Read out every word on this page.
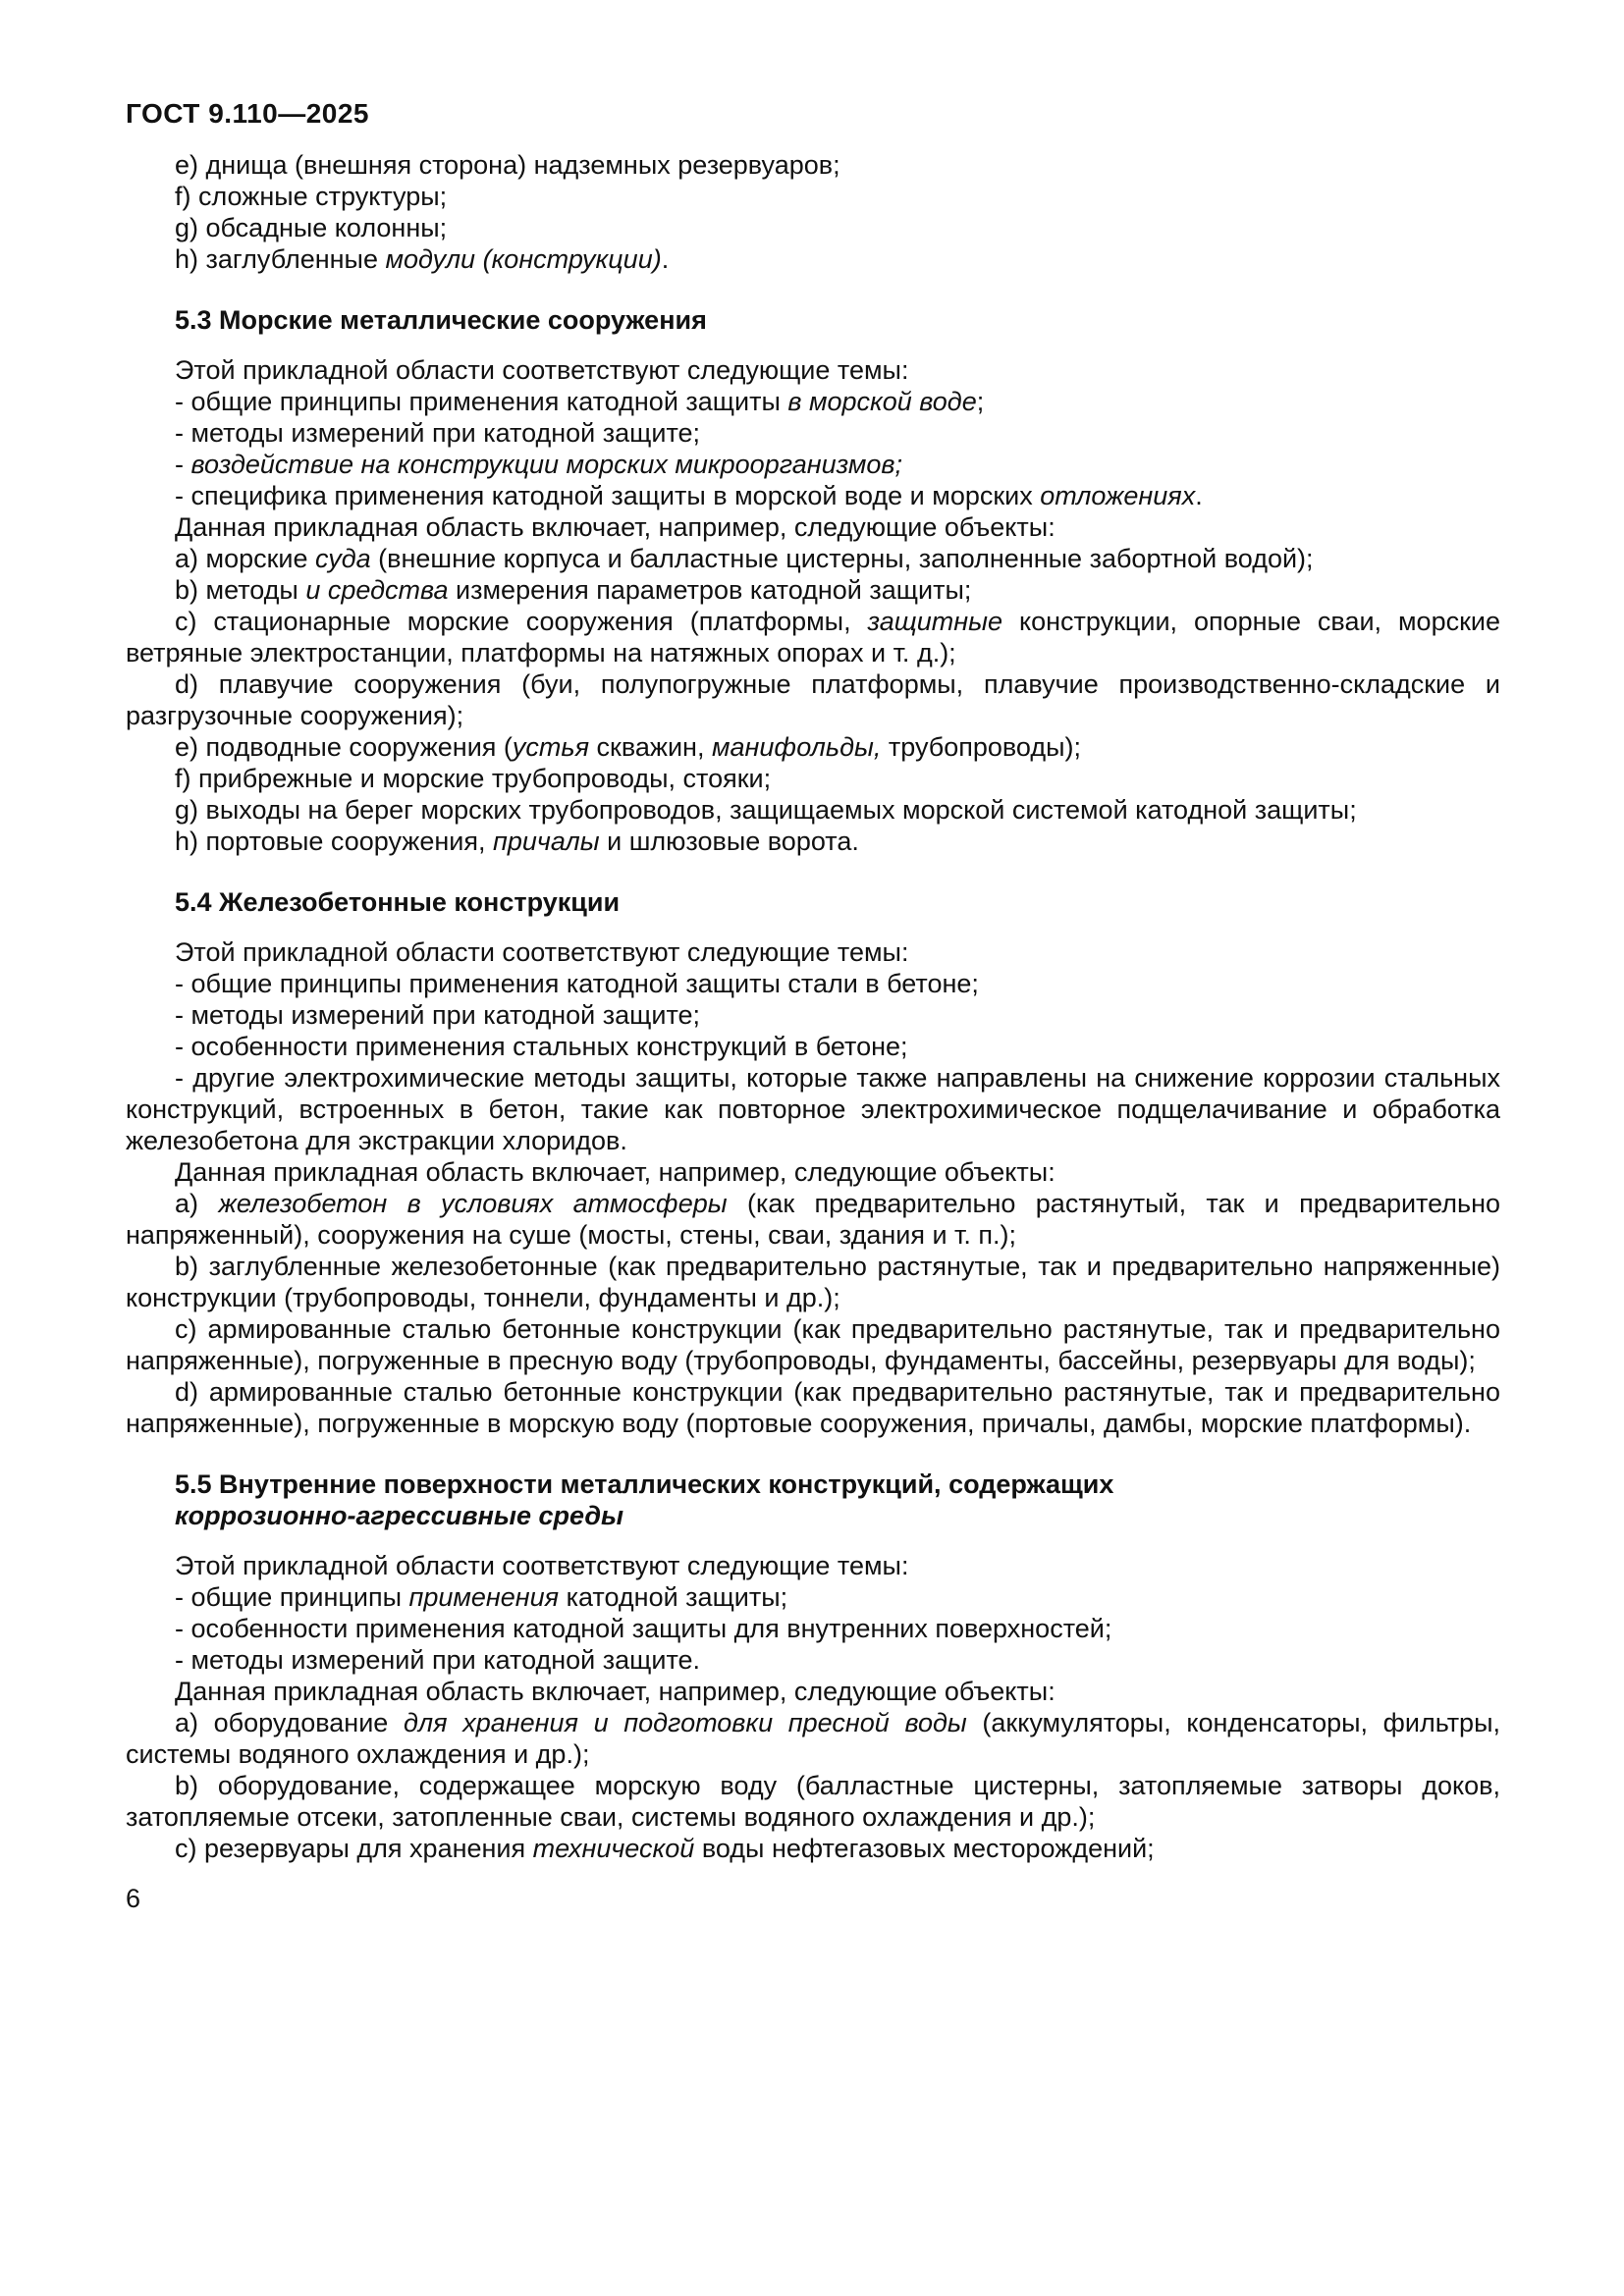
ГОСТ 9.110—2025
e) днища (внешняя сторона) надземных резервуаров;
f) сложные структуры;
g) обсадные колонны;
h) заглубленные модули (конструкции).
5.3 Морские металлические сооружения
Этой прикладной области соответствуют следующие темы:
- общие принципы применения катодной защиты в морской воде;
- методы измерений при катодной защите;
- воздействие на конструкции морских микроорганизмов;
- специфика применения катодной защиты в морской воде и морских отложениях.
Данная прикладная область включает, например, следующие объекты:
a) морские суда (внешние корпуса и балластные цистерны, заполненные забортной водой);
b) методы и средства измерения параметров катодной защиты;
c) стационарные морские сооружения (платформы, защитные конструкции, опорные сваи, морские ветряные электростанции, платформы на натяжных опорах и т. д.);
d) плавучие сооружения (буи, полупогружные платформы, плавучие производственно-складские и разгрузочные сооружения);
e) подводные сооружения (устья скважин, манифольды, трубопроводы);
f) прибрежные и морские трубопроводы, стояки;
g) выходы на берег морских трубопроводов, защищаемых морской системой катодной защиты;
h) портовые сооружения, причалы и шлюзовые ворота.
5.4 Железобетонные конструкции
Этой прикладной области соответствуют следующие темы:
- общие принципы применения катодной защиты стали в бетоне;
- методы измерений при катодной защите;
- особенности применения стальных конструкций в бетоне;
- другие электрохимические методы защиты, которые также направлены на снижение коррозии стальных конструкций, встроенных в бетон, такие как повторное электрохимическое подщелачивание и обработка железобетона для экстракции хлоридов.
Данная прикладная область включает, например, следующие объекты:
a) железобетон в условиях атмосферы (как предварительно растянутый, так и предварительно напряженный), сооружения на суше (мосты, стены, сваи, здания и т. п.);
b) заглубленные железобетонные (как предварительно растянутые, так и предварительно напряженные) конструкции (трубопроводы, тоннели, фундаменты и др.);
c) армированные сталью бетонные конструкции (как предварительно растянутые, так и предварительно напряженные), погруженные в пресную воду (трубопроводы, фундаменты, бассейны, резервуары для воды);
d) армированные сталью бетонные конструкции (как предварительно растянутые, так и предварительно напряженные), погруженные в морскую воду (портовые сооружения, причалы, дамбы, морские платформы).
5.5 Внутренние поверхности металлических конструкций, содержащих
коррозионно-агрессивные среды
Этой прикладной области соответствуют следующие темы:
- общие принципы применения катодной защиты;
- особенности применения катодной защиты для внутренних поверхностей;
- методы измерений при катодной защите.
Данная прикладная область включает, например, следующие объекты:
a) оборудование для хранения и подготовки пресной воды (аккумуляторы, конденсаторы, фильтры, системы водяного охлаждения и др.);
b) оборудование, содержащее морскую воду (балластные цистерны, затопляемые затворы доков, затопляемые отсеки, затопленные сваи, системы водяного охлаждения и др.);
c) резервуары для хранения технической воды нефтегазовых месторождений;
6
